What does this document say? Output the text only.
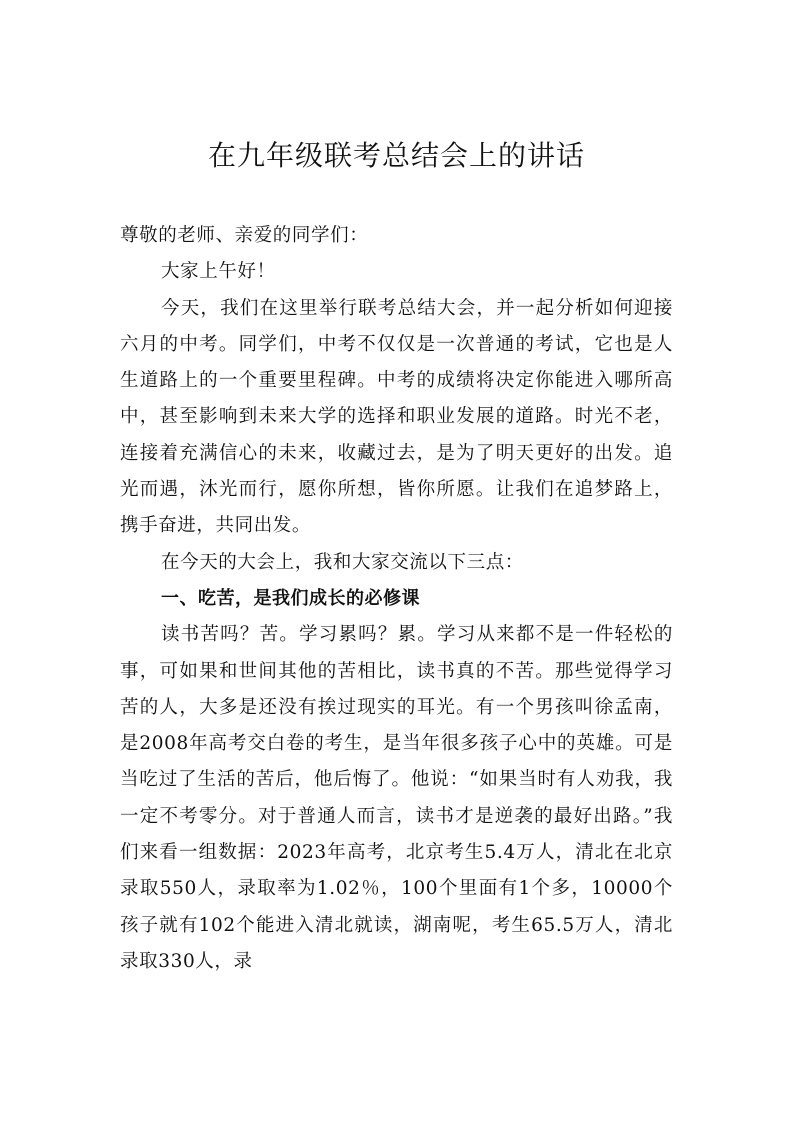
在九年级联考总结会上的讲话

尊敬的老师、亲爱的同学们：

大家上午好！

今天，我们在这里举行联考总结大会，并一起分析如何迎接六月的中考。同学们，中考不仅仅是一次普通的考试，它也是人生道路上的一个重要里程碑。中考的成绩将决定你能进入哪所高中，甚至影响到未来大学的选择和职业发展的道路。时光不老，连接着充满信心的未来，收藏过去，是为了明天更好的出发。追光而遇，沐光而行，愿你所想，皆你所愿。让我们在追梦路上，携手奋进，共同出发。

在今天的大会上，我和大家交流以下三点：

一、吃苦，是我们成长的必修课

读书苦吗？苦。学习累吗？累。学习从来都不是一件轻松的事，可如果和世间其他的苦相比，读书真的不苦。那些觉得学习苦的人，大多是还没有挨过现实的耳光。有一个男孩叫徐孟南，是2008年高考交白卷的考生，是当年很多孩子心中的英雄。可是当吃过了生活的苦后，他后悔了。他说：“如果当时有人劝我，我一定不考零分。对于普通人而言，读书才是逆袭的最好出路。”我们来看一组数据：2023年高考，北京考生5.4万人，清北在北京录取550人，录取率为1.02％，100个里面有1个多，10000个孩子就有102个能进入清北就读，湖南呢，考生65.5万人，清北录取330人，录
